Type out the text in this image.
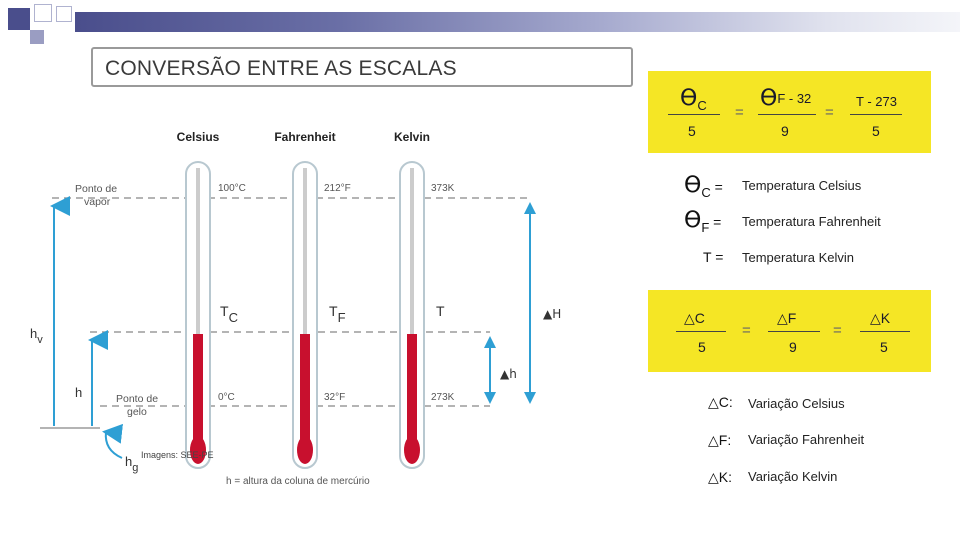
CONVERSÃO ENTRE AS ESCALAS
Celsius	Fahrenheit	Kelvin
100°C	212°F	373K
0°C	32°F	273K
TC	TF	T
Ponto de
vapor
Ponto de
gelo
$h_v$
h
$h_g$
▲H
▲h
h = altura da coluna de mercúrio
Imagens: SEE-PE
$ϴ_C$ ϴF - 32	T - 273
=	=
5	9	5
ϴC = Temperatura Celsius
ϴF = Temperatura Fahrenheit
T = Temperatura Kelvin
△C	△F	△K
=	=
5	9	5
△C: Variação Celsius
△F: Variação Fahrenheit
△K: Variação Kelvin
